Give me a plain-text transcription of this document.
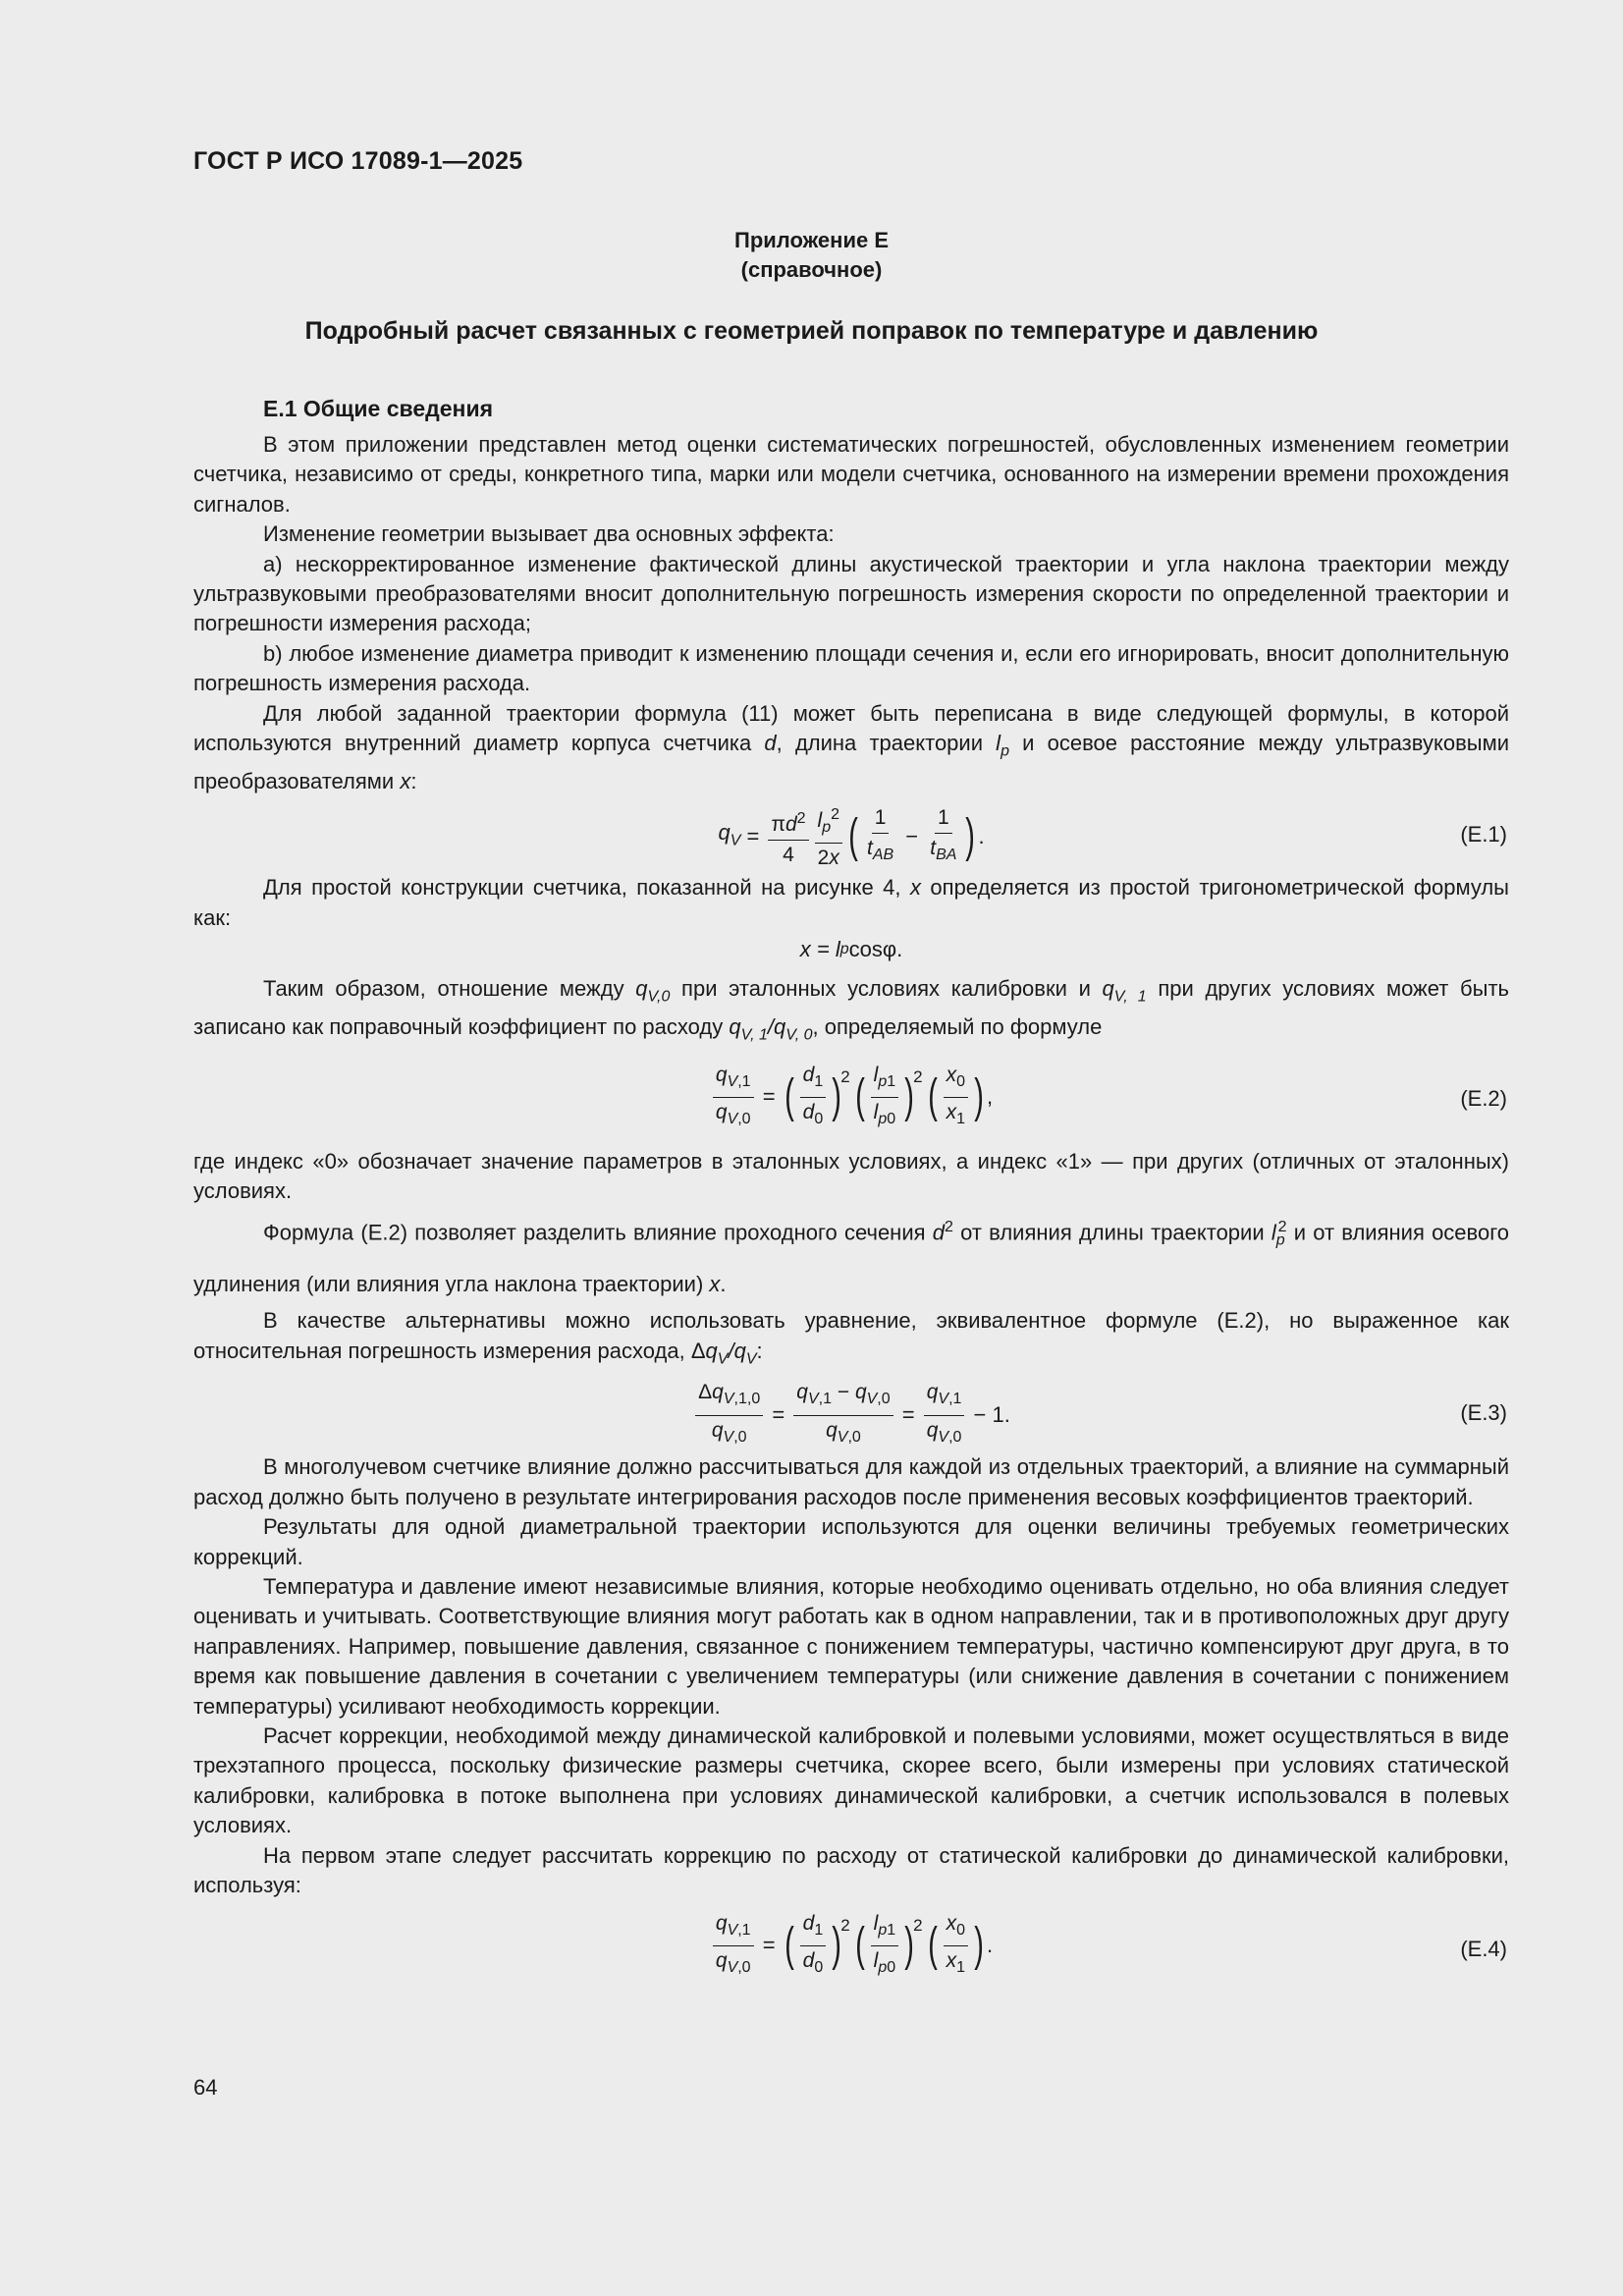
ГОСТ Р ИСО 17089-1—2025
Приложение Е
(справочное)
Подробный расчет связанных с геометрией поправок по температуре и давлению
Е.1 Общие сведения

В этом приложении представлен метод оценки систематических погрешностей, обусловленных изменением геометрии счетчика, независимо от среды, конкретного типа, марки или модели счетчика, основанного на измерении времени прохождения сигналов.

Изменение геометрии вызывает два основных эффекта:

a) нескорректированное изменение фактической длины акустической траектории и угла наклона траектории между ультразвуковыми преобразователями вносит дополнительную погрешность измерения скорости по определенной траектории и погрешности измерения расхода;

b) любое изменение диаметра приводит к изменению площади сечения и, если его игнорировать, вносит дополнительную погрешность измерения расхода.

Для любой заданной траектории формула (11) может быть переписана в виде следующей формулы, в которой используются внутренний диаметр корпуса счетчика d, длина траектории $l_p$ и осевое расстояние между ультразвуковыми преобразователями x:

$q_V = \frac{\pi d^2}{4} \frac{l_p^2}{2x}$ ( $\frac{1}{t_{AB}} - \frac{1}{t_{BA}}$ ) .	(Е.1)

Для простой конструкции счетчика, показанной на рисунке 4, x определяется из простой тригонометрической формулы как:

x = l p cosφ.

Таким образом, отношение между $q_{V,0}$ при эталонных условиях калибровки и $q_{V, 1}$ при других условиях может быть записано как поправочный коэффициент по расходу $q_{V, 1}/q_{V, 0}$, определяемый по формуле

$\frac{q_{V,1}}{q_{V,0}}$ = ( $\frac{d_1}{d_0}$ ) 2 ( $\frac{l_{p1}}{l_{p0}}$ ) 2 ( $\frac{x_0}{x_1}$ ) ,	(Е.2)

где индекс «0» обозначает значение параметров в эталонных условиях, а индекс «1» — при других (отличных от эталонных) условиях.

Формула (Е.2) позволяет разделить влияние проходного сечения $d^2$ от влияния длины траектории $l_p^2$ и от влияния осевого удлинения (или влияния угла наклона траектории) x.

В качестве альтернативы можно использовать уравнение, эквивалентное формуле (Е.2), но выраженное как относительная погрешность измерения расхода, $\Delta q_V/q_V$:

$\frac{\Delta q_{V,1,0}}{q_{V,0}} = \frac{q_{V,1} - q_{V,0}}{q_{V,0}} = \frac{q_{V,1}}{q_{V,0}} - 1$.	(Е.3)

В многолучевом счетчике влияние должно рассчитываться для каждой из отдельных траекторий, а влияние на суммарный расход должно быть получено в результате интегрирования расходов после применения весовых коэффициентов траекторий.

Результаты для одной диаметральной траектории используются для оценки величины требуемых геометрических коррекций.

Температура и давление имеют независимые влияния, которые необходимо оценивать отдельно, но оба влияния следует оценивать и учитывать. Соответствующие влияния могут работать как в одном направлении, так и в противоположных друг другу направлениях. Например, повышение давления, связанное с понижением температуры, частично компенсируют друг друга, в то время как повышение давления в сочетании с увеличением температуры (или снижение давления в сочетании с понижением температуры) усиливают необходимость коррекции.

Расчет коррекции, необходимой между динамической калибровкой и полевыми условиями, может осуществляться в виде трехэтапного процесса, поскольку физические размеры счетчика, скорее всего, были измерены при условиях статической калибровки, калибровка в потоке выполнена при условиях динамической калибровки, а счетчик использовался в полевых условиях.

На первом этапе следует рассчитать коррекцию по расходу от статической калибровки до динамической калибровки, используя:

$\frac{q_{V,1}}{q_{V,0}}$ = ( $\frac{d_1}{d_0}$ ) 2 ( $\frac{l_{p1}}{l_{p0}}$ ) 2 ( $\frac{x_0}{x_1}$ ) .	(Е.4)
64
